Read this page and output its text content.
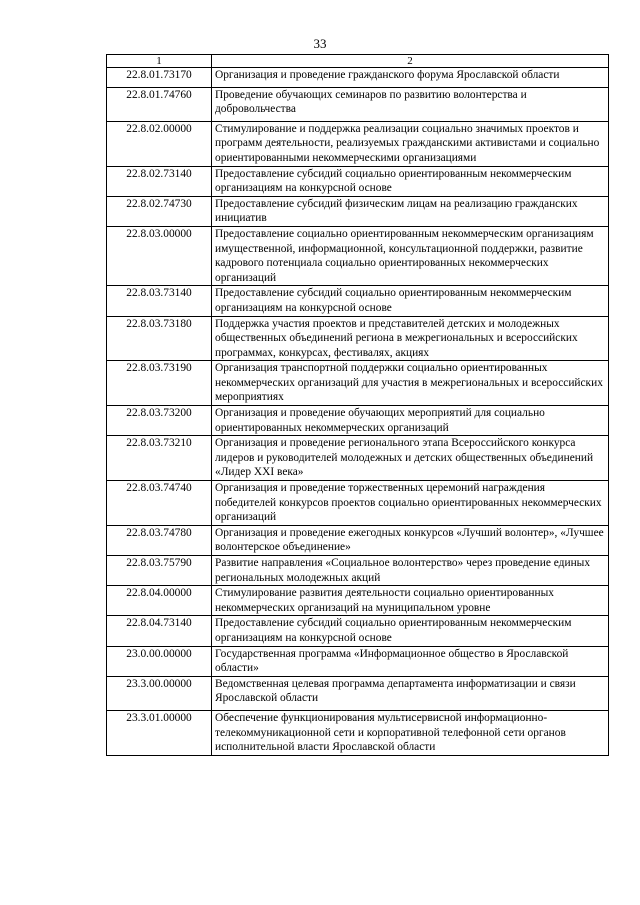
33
1	2
22.8.01.73170	Организация и проведение гражданского форума Ярославской области
22.8.01.74760	Проведение обучающих семинаров по развитию волонтерства и добровольчества
22.8.02.00000	Стимулирование и поддержка реализации социально значимых проектов и программ деятельности, реализуемых гражданскими активистами и социально ориентированными некоммерческими организациями
22.8.02.73140	Предоставление субсидий социально ориентированным некоммерческим организациям на конкурсной основе
22.8.02.74730	Предоставление субсидий физическим лицам на реализацию гражданских инициатив
22.8.03.00000	Предоставление социально ориентированным некоммерческим организациям имущественной, информационной, консультационной поддержки, развитие кадрового потенциала социально ориентированных некоммерческих организаций
22.8.03.73140	Предоставление субсидий социально ориентированным некоммерческим организациям на конкурсной основе
22.8.03.73180	Поддержка участия проектов и представителей детских и молодежных общественных объединений региона в межрегиональных и всероссийских программах, конкурсах, фестивалях, акциях
22.8.03.73190	Организация транспортной поддержки социально ориентированных некоммерческих организаций для участия в межрегиональных и всероссийских мероприятиях
22.8.03.73200	Организация и проведение обучающих мероприятий для социально ориентированных некоммерческих организаций
22.8.03.73210	Организация и проведение регионального этапа Всероссийского конкурса лидеров и руководителей молодежных и детских общественных объединений «Лидер XXI века»
22.8.03.74740	Организация и проведение торжественных церемоний награждения победителей конкурсов проектов социально ориентированных некоммерческих организаций
22.8.03.74780	Организация и проведение ежегодных конкурсов «Лучший волонтер», «Лучшее волонтерское объединение»
22.8.03.75790	Развитие направления «Социальное волонтерство» через проведение единых региональных молодежных акций
22.8.04.00000	Стимулирование развития деятельности социально ориентированных некоммерческих организаций на муниципальном уровне
22.8.04.73140	Предоставление субсидий социально ориентированным некоммерческим организациям на конкурсной основе
23.0.00.00000	Государственная программа «Информационное общество в Ярославской области»
23.3.00.00000	Ведомственная целевая программа департамента информатизации и связи Ярославской области
23.3.01.00000	Обеспечение функционирования мультисервисной информационно-телекоммуникационной сети и корпоративной телефонной сети органов исполнительной власти Ярославской области
